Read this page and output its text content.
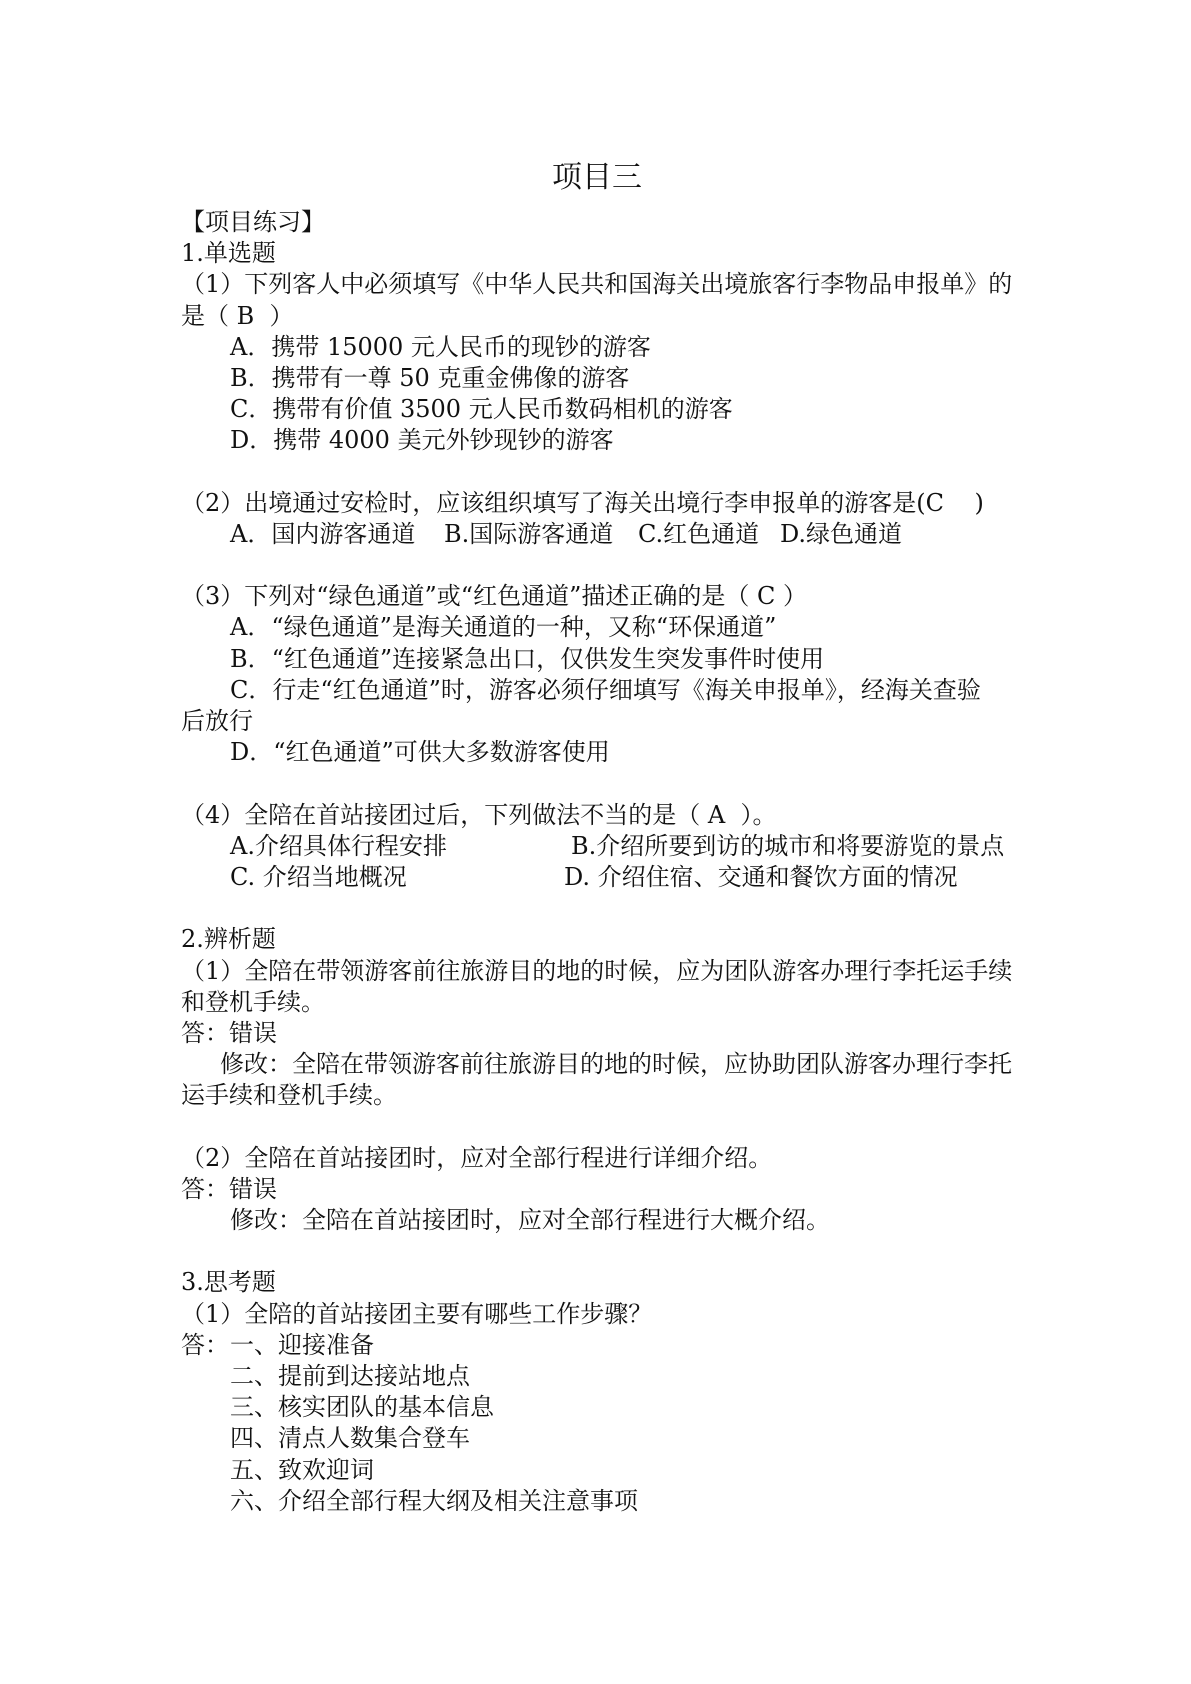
项目三
【项目练习】
1.单选题
（1）下列客人中必须填写《中华人民共和国海关出境旅客行李物品申报单》的
是（ B  ）
A．携带 15000 元人民币的现钞的游客
B．携带有一尊 50 克重金佛像的游客
C．携带有价值 3500 元人民币数码相机的游客
D．携带 4000 美元外钞现钞的游客
（2）出境通过安检时，应该组织填写了海关出境行李申报单的游客是(C    )

A．国内游客通道

B.国际游客通道

C.红色通道

D.绿色通道

（3）下列对“绿色通道”或“红色通道”描述正确的是（ C ）
A．“绿色通道”是海关通道的一种，又称“环保通道”
B．“红色通道”连接紧急出口，仅供发生突发事件时使用
C．行走“红色通道”时，游客必须仔细填写《海关申报单》，经海关查验
后放行
D．“红色通道”可供大多数游客使用
（4）全陪在首站接团过后，下列做法不当的是（ A  ）。

A.介绍具体行程安排

	B.介绍所要到访的城市和将要游览的景点

C. 介绍当地概况

	D. 介绍住宿、交通和餐饮方面的情况

2.辨析题
（1）全陪在带领游客前往旅游目的地的时候，应为团队游客办理行李托运手续
和登机手续。
答：错误
修改：全陪在带领游客前往旅游目的地的时候，应协助团队游客办理行李托
运手续和登机手续。
（2）全陪在首站接团时，应对全部行程进行详细介绍。
答：错误
修改：全陪在首站接团时，应对全部行程进行大概介绍。
3.思考题
（1）全陪的首站接团主要有哪些工作步骤？
答：一、迎接准备
二、提前到达接站地点
三、核实团队的基本信息
四、清点人数集合登车
五、致欢迎词
六、介绍全部行程大纲及相关注意事项
